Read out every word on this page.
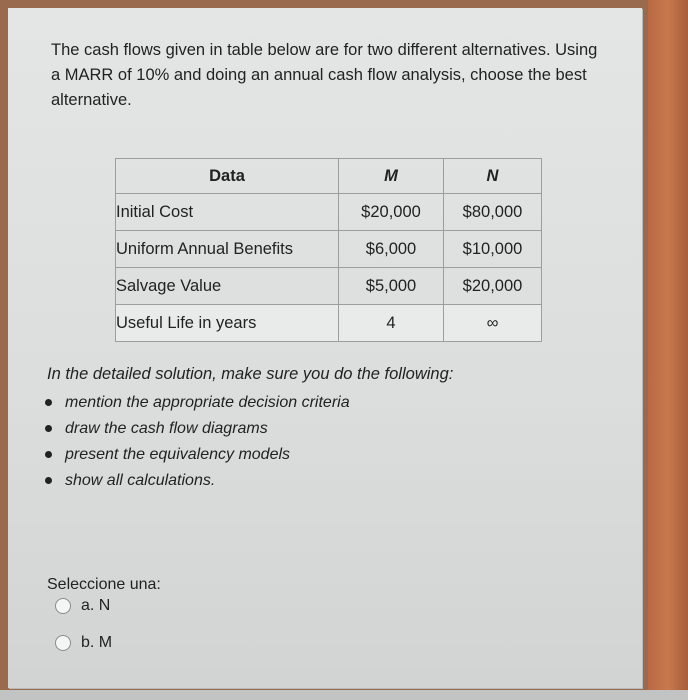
The cash flows given in table below are for two different alternatives. Using a MARR of 10% and doing an annual cash flow analysis, choose the best alternative.
Data	M	N
Initial Cost	$20,000	$80,000
Uniform Annual Benefits	$6,000	$10,000
Salvage Value	$5,000	$20,000
Useful Life in years	4	∞
In the detailed solution, make sure you do the following:
mention the appropriate decision criteria
draw the cash flow diagrams
present the equivalency models
show all calculations.
Seleccione una:
a. N
b. M
